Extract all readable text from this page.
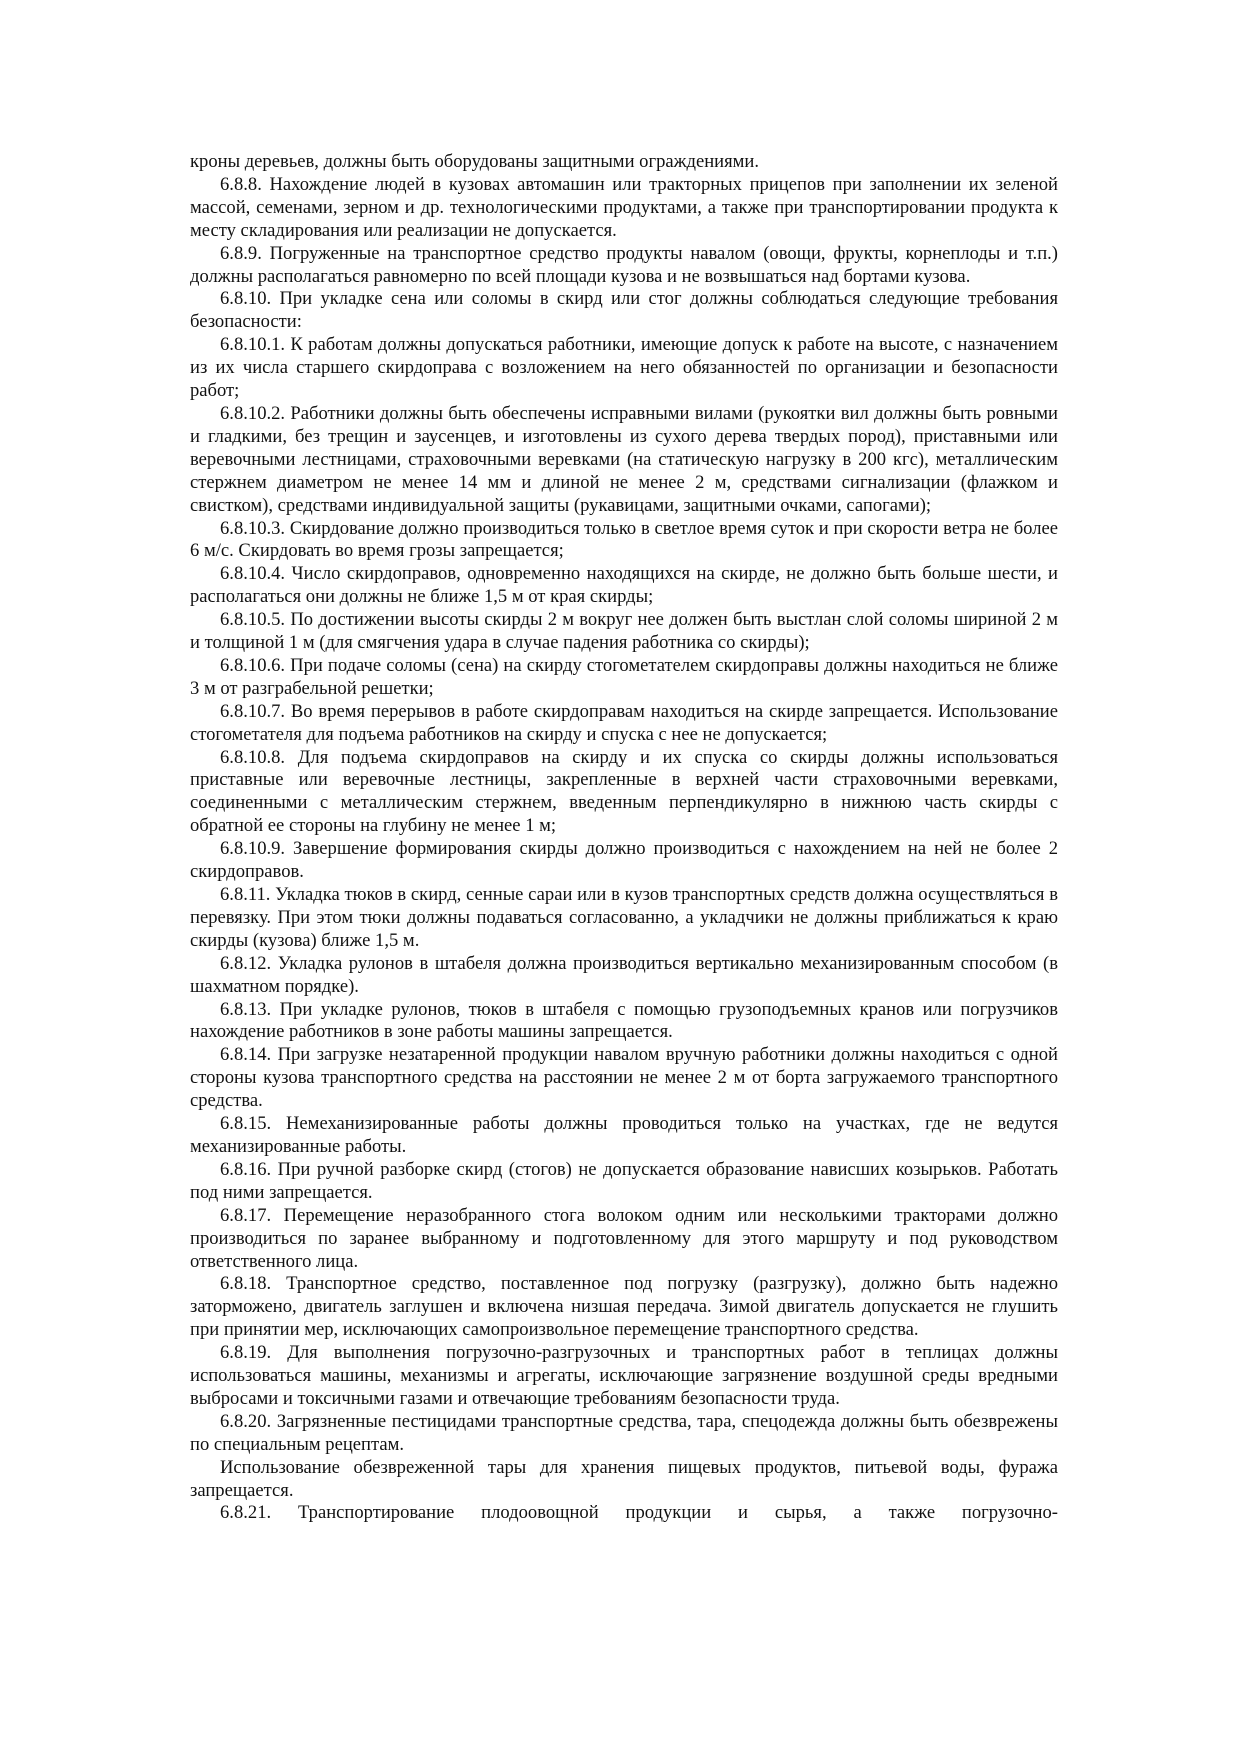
кроны деревьев, должны быть оборудованы защитными ограждениями.

6.8.8. Нахождение людей в кузовах автомашин или тракторных прицепов при заполнении их зеленой массой, семенами, зерном и др. технологическими продуктами, а также при транспортировании продукта к месту складирования или реализации не допускается.

6.8.9. Погруженные на транспортное средство продукты навалом (овощи, фрукты, корнеплоды и т.п.) должны располагаться равномерно по всей площади кузова и не возвышаться над бортами кузова.

6.8.10. При укладке сена или соломы в скирд или стог должны соблюдаться следующие требования безопасности:

6.8.10.1. К работам должны допускаться работники, имеющие допуск к работе на высоте, с назначением из их числа старшего скирдоправа с возложением на него обязанностей по организации и безопасности работ;

6.8.10.2. Работники должны быть обеспечены исправными вилами (рукоятки вил должны быть ровными и гладкими, без трещин и заусенцев, и изготовлены из сухого дерева твердых пород), приставными или веревочными лестницами, страховочными веревками (на статическую нагрузку в 200 кгс), металлическим стержнем диаметром не менее 14 мм и длиной не менее 2 м, средствами сигнализации (флажком и свистком), средствами индивидуальной защиты (рукавицами, защитными очками, сапогами);

6.8.10.3. Скирдование должно производиться только в светлое время суток и при скорости ветра не более 6 м/с. Скирдовать во время грозы запрещается;

6.8.10.4. Число скирдоправов, одновременно находящихся на скирде, не должно быть больше шести, и располагаться они должны не ближе 1,5 м от края скирды;

6.8.10.5. По достижении высоты скирды 2 м вокруг нее должен быть выстлан слой соломы шириной 2 м и толщиной 1 м (для смягчения удара в случае падения работника со скирды);

6.8.10.6. При подаче соломы (сена) на скирду стогометателем скирдоправы должны находиться не ближе 3 м от разграбельной решетки;

6.8.10.7. Во время перерывов в работе скирдоправам находиться на скирде запрещается. Использование стогометателя для подъема работников на скирду и спуска с нее не допускается;

6.8.10.8. Для подъема скирдоправов на скирду и их спуска со скирды должны использоваться приставные или веревочные лестницы, закрепленные в верхней части страховочными веревками, соединенными с металлическим стержнем, введенным перпендикулярно в нижнюю часть скирды с обратной ее стороны на глубину не менее 1 м;

6.8.10.9. Завершение формирования скирды должно производиться с нахождением на ней не более 2 скирдоправов.

6.8.11. Укладка тюков в скирд, сенные сараи или в кузов транспортных средств должна осуществляться в перевязку. При этом тюки должны подаваться согласованно, а укладчики не должны приближаться к краю скирды (кузова) ближе 1,5 м.

6.8.12. Укладка рулонов в штабеля должна производиться вертикально механизированным способом (в шахматном порядке).

6.8.13. При укладке рулонов, тюков в штабеля с помощью грузоподъемных кранов или погрузчиков нахождение работников в зоне работы машины запрещается.

6.8.14. При загрузке незатаренной продукции навалом вручную работники должны находиться с одной стороны кузова транспортного средства на расстоянии не менее 2 м от борта загружаемого транспортного средства.

6.8.15. Немеханизированные работы должны проводиться только на участках, где не ведутся механизированные работы.

6.8.16. При ручной разборке скирд (стогов) не допускается образование нависших козырьков. Работать под ними запрещается.

6.8.17. Перемещение неразобранного стога волоком одним или несколькими тракторами должно производиться по заранее выбранному и подготовленному для этого маршруту и под руководством ответственного лица.

6.8.18. Транспортное средство, поставленное под погрузку (разгрузку), должно быть надежно заторможено, двигатель заглушен и включена низшая передача. Зимой двигатель допускается не глушить при принятии мер, исключающих самопроизвольное перемещение транспортного средства.

6.8.19. Для выполнения погрузочно-разгрузочных и транспортных работ в теплицах должны использоваться машины, механизмы и агрегаты, исключающие загрязнение воздушной среды вредными выбросами и токсичными газами и отвечающие требованиям безопасности труда.

6.8.20. Загрязненные пестицидами транспортные средства, тара, спецодежда должны быть обезврежены по специальным рецептам.

Использование обезвреженной тары для хранения пищевых продуктов, питьевой воды, фуража запрещается.

6.8.21. Транспортирование плодоовощной продукции и сырья, а также погрузочно-
